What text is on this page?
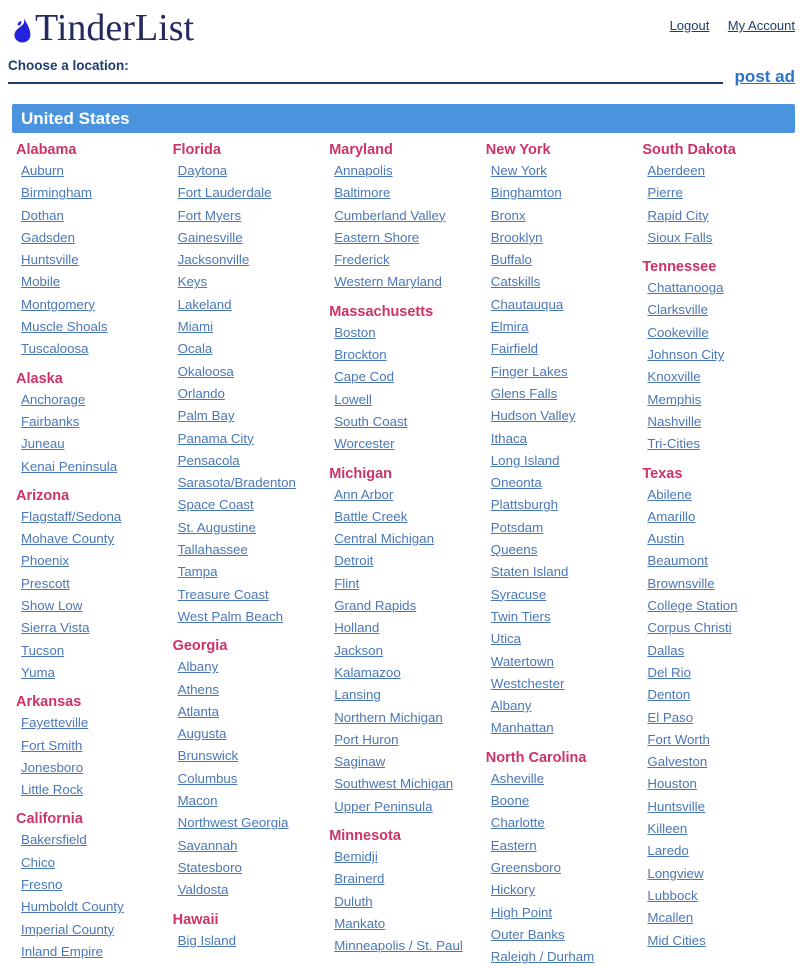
TinderList	Logout My Account
Choose a location:
post ad
United States
Alabama
Auburn
Birmingham
Dothan
Gadsden
Huntsville
Mobile
Montgomery
Muscle Shoals
Tuscaloosa
Alaska
Anchorage
Fairbanks
Juneau
Kenai Peninsula
Arizona
Flagstaff/Sedona
Mohave County
Phoenix
Prescott
Show Low
Sierra Vista
Tucson
Yuma
Arkansas
Fayetteville
Fort Smith
Jonesboro
Little Rock
California
Bakersfield
Chico
Fresno
Humboldt County
Imperial County
Inland Empire
Florida
Daytona
Fort Lauderdale
Fort Myers
Gainesville
Jacksonville
Keys
Lakeland
Miami
Ocala
Okaloosa
Orlando
Palm Bay
Panama City
Pensacola
Sarasota/Bradenton
Space Coast
St. Augustine
Tallahassee
Tampa
Treasure Coast
West Palm Beach
Georgia
Albany
Athens
Atlanta
Augusta
Brunswick
Columbus
Macon
Northwest Georgia
Savannah
Statesboro
Valdosta
Hawaii
Big Island
Maryland
Annapolis
Baltimore
Cumberland Valley
Eastern Shore
Frederick
Western Maryland
Massachusetts
Boston
Brockton
Cape Cod
Lowell
South Coast
Worcester
Michigan
Ann Arbor
Battle Creek
Central Michigan
Detroit
Flint
Grand Rapids
Holland
Jackson
Kalamazoo
Lansing
Northern Michigan
Port Huron
Saginaw
Southwest Michigan
Upper Peninsula
Minnesota
Bemidji
Brainerd
Duluth
Mankato
Minneapolis / St. Paul
New York
New York
Binghamton
Bronx
Brooklyn
Buffalo
Catskills
Chautauqua
Elmira
Fairfield
Finger Lakes
Glens Falls
Hudson Valley
Ithaca
Long Island
Oneonta
Plattsburgh
Potsdam
Queens
Staten Island
Syracuse
Twin Tiers
Utica
Watertown
Westchester
Albany
Manhattan
North Carolina
Asheville
Boone
Charlotte
Eastern
Greensboro
Hickory
High Point
Outer Banks
Raleigh / Durham
South Dakota
Aberdeen
Pierre
Rapid City
Sioux Falls
Tennessee
Chattanooga
Clarksville
Cookeville
Johnson City
Knoxville
Memphis
Nashville
Tri-Cities
Texas
Abilene
Amarillo
Austin
Beaumont
Brownsville
College Station
Corpus Christi
Dallas
Del Rio
Denton
El Paso
Fort Worth
Galveston
Houston
Huntsville
Killeen
Laredo
Longview
Lubbock
Mcallen
Mid Cities
